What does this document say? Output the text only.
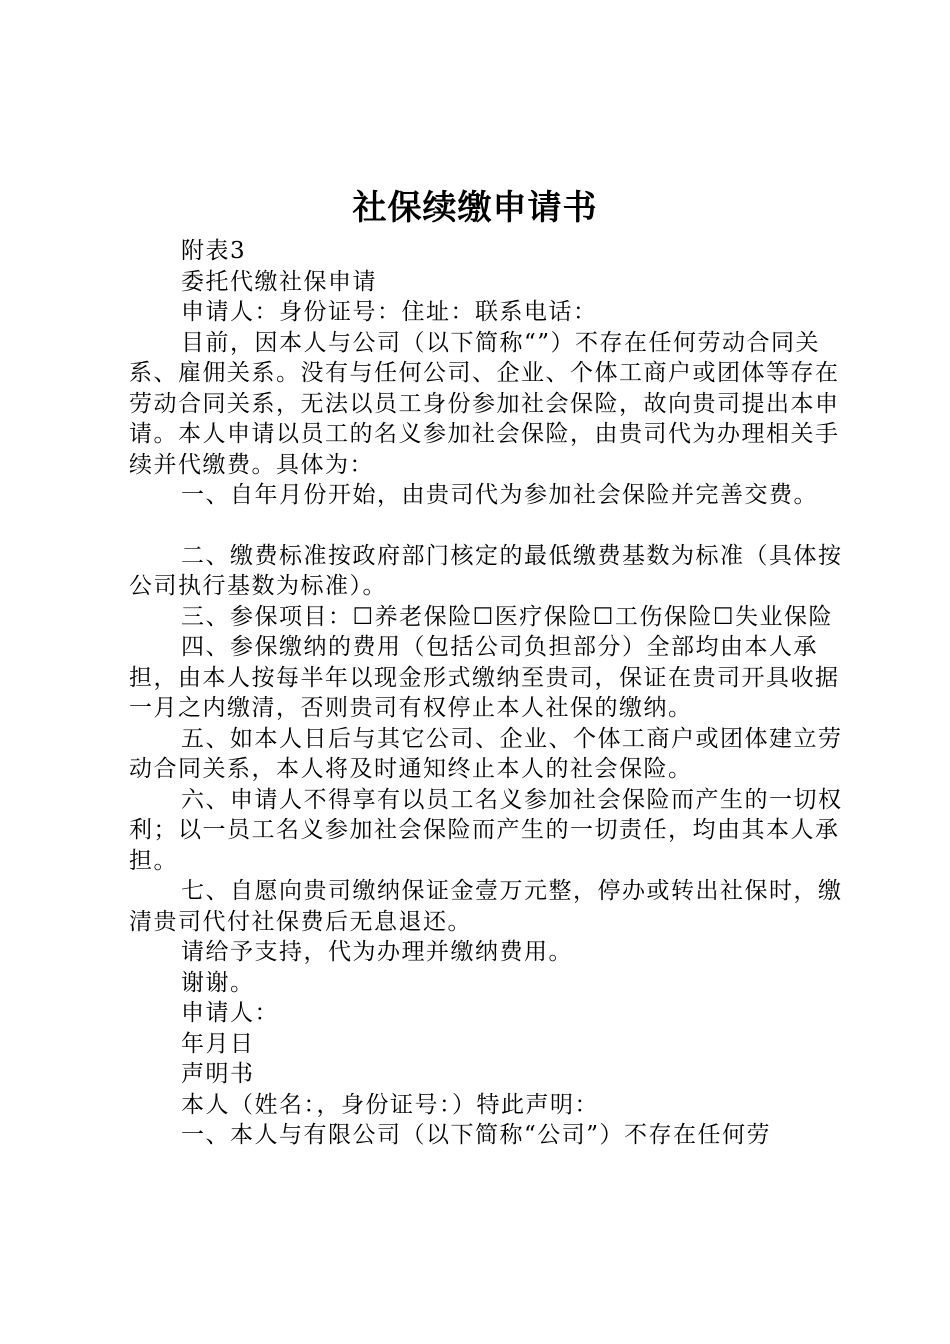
社保续缴申请书

附表3

委托代缴社保申请

申请人：身份证号：住址：联系电话：

目前，因本人与公司（以下简称“”）不存在任何劳动合同关系、雇佣关系。没有与任何公司、企业、个体工商户或团体等存在劳动合同关系，无法以员工身份参加社会保险，故向贵司提出本申请。本人申请以员工的名义参加社会保险，由贵司代为办理相关手续并代缴费。具体为：

一、自年月份开始，由贵司代为参加社会保险并完善交费。

二、缴费标准按政府部门核定的最低缴费基数为标准（具体按公司执行基数为标准）。

三、参保项目：☐养老保险☐医疗保险☐工伤保险☐失业保险

四、参保缴纳的费用（包括公司负担部分）全部均由本人承担，由本人按每半年以现金形式缴纳至贵司，保证在贵司开具收据一月之内缴清，否则贵司有权停止本人社保的缴纳。

五、如本人日后与其它公司、企业、个体工商户或团体建立劳动合同关系，本人将及时通知终止本人的社会保险。

六、申请人不得享有以员工名义参加社会保险而产生的一切权利；以一员工名义参加社会保险而产生的一切责任，均由其本人承担。

七、自愿向贵司缴纳保证金壹万元整，停办或转出社保时，缴清贵司代付社保费后无息退还。

请给予支持，代为办理并缴纳费用。

谢谢。

申请人：

年月日

声明书

本人（姓名：，身份证号：）特此声明：

一、本人与有限公司（以下简称“公司”）不存在任何劳
